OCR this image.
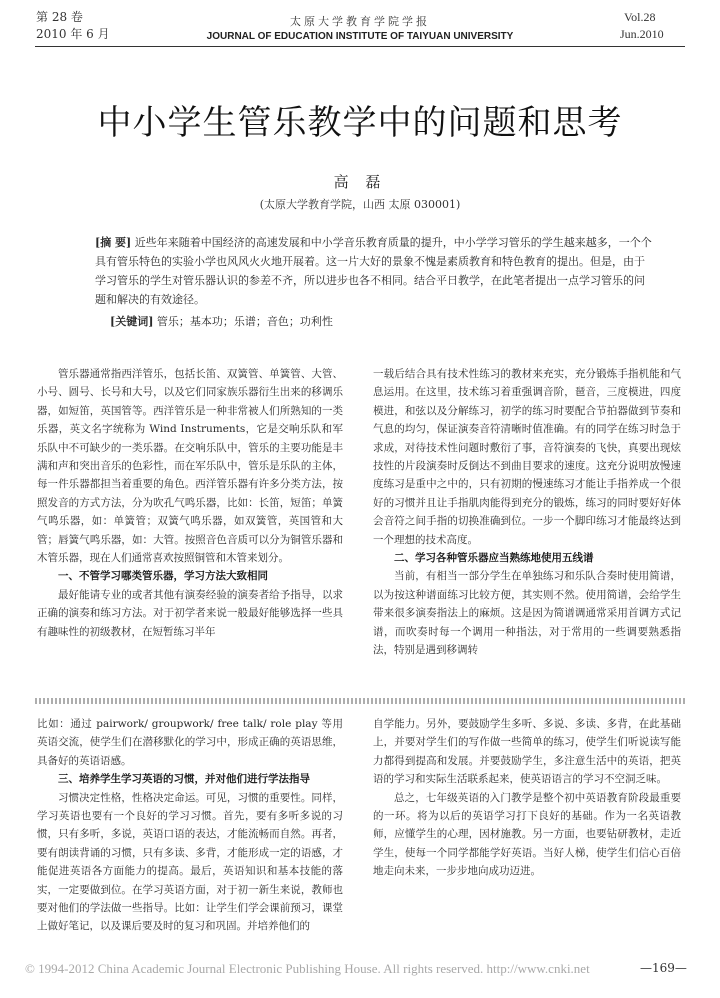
第 28 卷
2010 年 6 月
太原大学教育学院学报
JOURNAL OF EDUCATION INSTITUTE OF TAIYUAN UNIVERSITY
Vol.28
Jun.2010
中小学生管乐教学中的问题和思考
高 磊
(太原大学教育学院，山西 太原 030001)
[摘 要] 近些年来随着中国经济的高速发展和中小学音乐教育质量的提升，中小学学习管乐的学生越来越多，一个个具有管乐特色的实验小学也风风火火地开展着。这一片大好的景象不愧是素质教育和特色教育的提出。但是，由于学习管乐的学生对管乐器认识的参差不齐，所以进步也各不相同。结合平日教学，在此笔者提出一点学习管乐的问题和解决的有效途径。
[关键词] 管乐；基本功；乐谱；音色；功利性

管乐器通常指西洋管乐，包括长笛、双簧管、单簧管、大管、小号、圆号、长号和大号，以及它们同家族乐器衍生出来的移调乐器，如短笛，英国管等。西洋管乐是一种非常被人们所熟知的一类乐器，英文名字统称为 Wind Instruments，它是交响乐队和军乐队中不可缺少的一类乐器。在交响乐队中，管乐的主要功能是丰满和声和突出音乐的色彩性，而在军乐队中，管乐是乐队的主体，每一件乐器都担当着重要的角色。西洋管乐器有许多分类方法，按照发音的方式方法，分为吹孔气鸣乐器，比如：长笛，短笛；单簧气鸣乐器，如：单簧管；双簧气鸣乐器，如双簧管，英国管和大管；唇簧气鸣乐器，如：大管。按照音色音质可以分为铜管乐器和木管乐器，现在人们通常喜欢按照铜管和木管来划分。

一、不管学习哪类管乐器，学习方法大致相同

最好能请专业的或者其他有演奏经验的演奏者给予指导，以求正确的演奏和练习方法。对于初学者来说一般最好能够选择一些具有趣味性的初级教材，在短暂练习半年

一载后结合具有技术性练习的教材来充实，充分锻炼手指机能和气息运用。在这里，技术练习着重强调音阶，琶音，三度模进，四度模进，和弦以及分解练习，初学的练习时要配合节拍器做到节奏和气息的均匀，保证演奏音符清晰时值准确。有的同学在练习时急于求成，对待技术性问题时敷衍了事，音符演奏的飞快，真要出现炫技性的片段演奏时反倒达不到曲目要求的速度。这充分说明放慢速度练习是重中之中的，只有初期的慢速练习才能让手指养成一个很好的习惯并且让手指肌肉能得到充分的锻炼，练习的同时要好好体会音符之间手指的切换准确到位。一步一个脚印练习才能最终达到一个理想的技术高度。

二、学习各种管乐器应当熟练地使用五线谱

当前，有相当一部分学生在单独练习和乐队合奏时使用简谱，以为按这种谱面练习比较方便，其实则不然。使用简谱，会给学生带来很多演奏指法上的麻烦。这是因为简谱调通常采用首调方式记谱，而吹奏时每一个调用一种指法，对于常用的一些调要熟悉指法，特别是遇到移调转

比如：通过 pairwork/ groupwork/ free talk/ role play 等用英语交流，使学生们在潜移默化的学习中，形成正确的英语思维，具备好的英语语感。

三、培养学生学习英语的习惯，并对他们进行学法指导

习惯决定性格，性格决定命运。可见，习惯的重要性。同样，学习英语也要有一个良好的学习习惯。首先，要有多听多说的习惯，只有多听，多说，英语口语的表达，才能流畅而自然。再者，要有朗读背诵的习惯，只有多读、多背，才能形成一定的语感，才能促进英语各方面能力的提高。最后，英语知识和基本技能的落实，一定要做到位。在学习英语方面，对于初一新生来说，教师也要对他们的学法做一些指导。比如：让学生们学会课前预习，课堂上做好笔记，以及课后要及时的复习和巩固。并培养他们的

自学能力。另外，要鼓励学生多听、多说、多读、多背，在此基础上，并要对学生们的写作做一些简单的练习，使学生们听说读写能力都得到提高和发展。并要鼓励学生，多注意生活中的英语，把英语的学习和实际生活联系起来，使英语语言的学习不空洞乏味。

总之，七年级英语的入门教学是整个初中英语教育阶段最重要的一环。将为以后的英语学习打下良好的基础。作为一名英语教师，应懂学生的心理，因材施教。另一方面，也要钻研教材，走近学生，使每一个同学都能学好英语。当好人梯，使学生们信心百倍地走向未来，一步步地向成功迈进。

© 1994-2012 China Academic Journal Electronic Publishing House. All rights reserved. http://www.cnki.net	—169—
